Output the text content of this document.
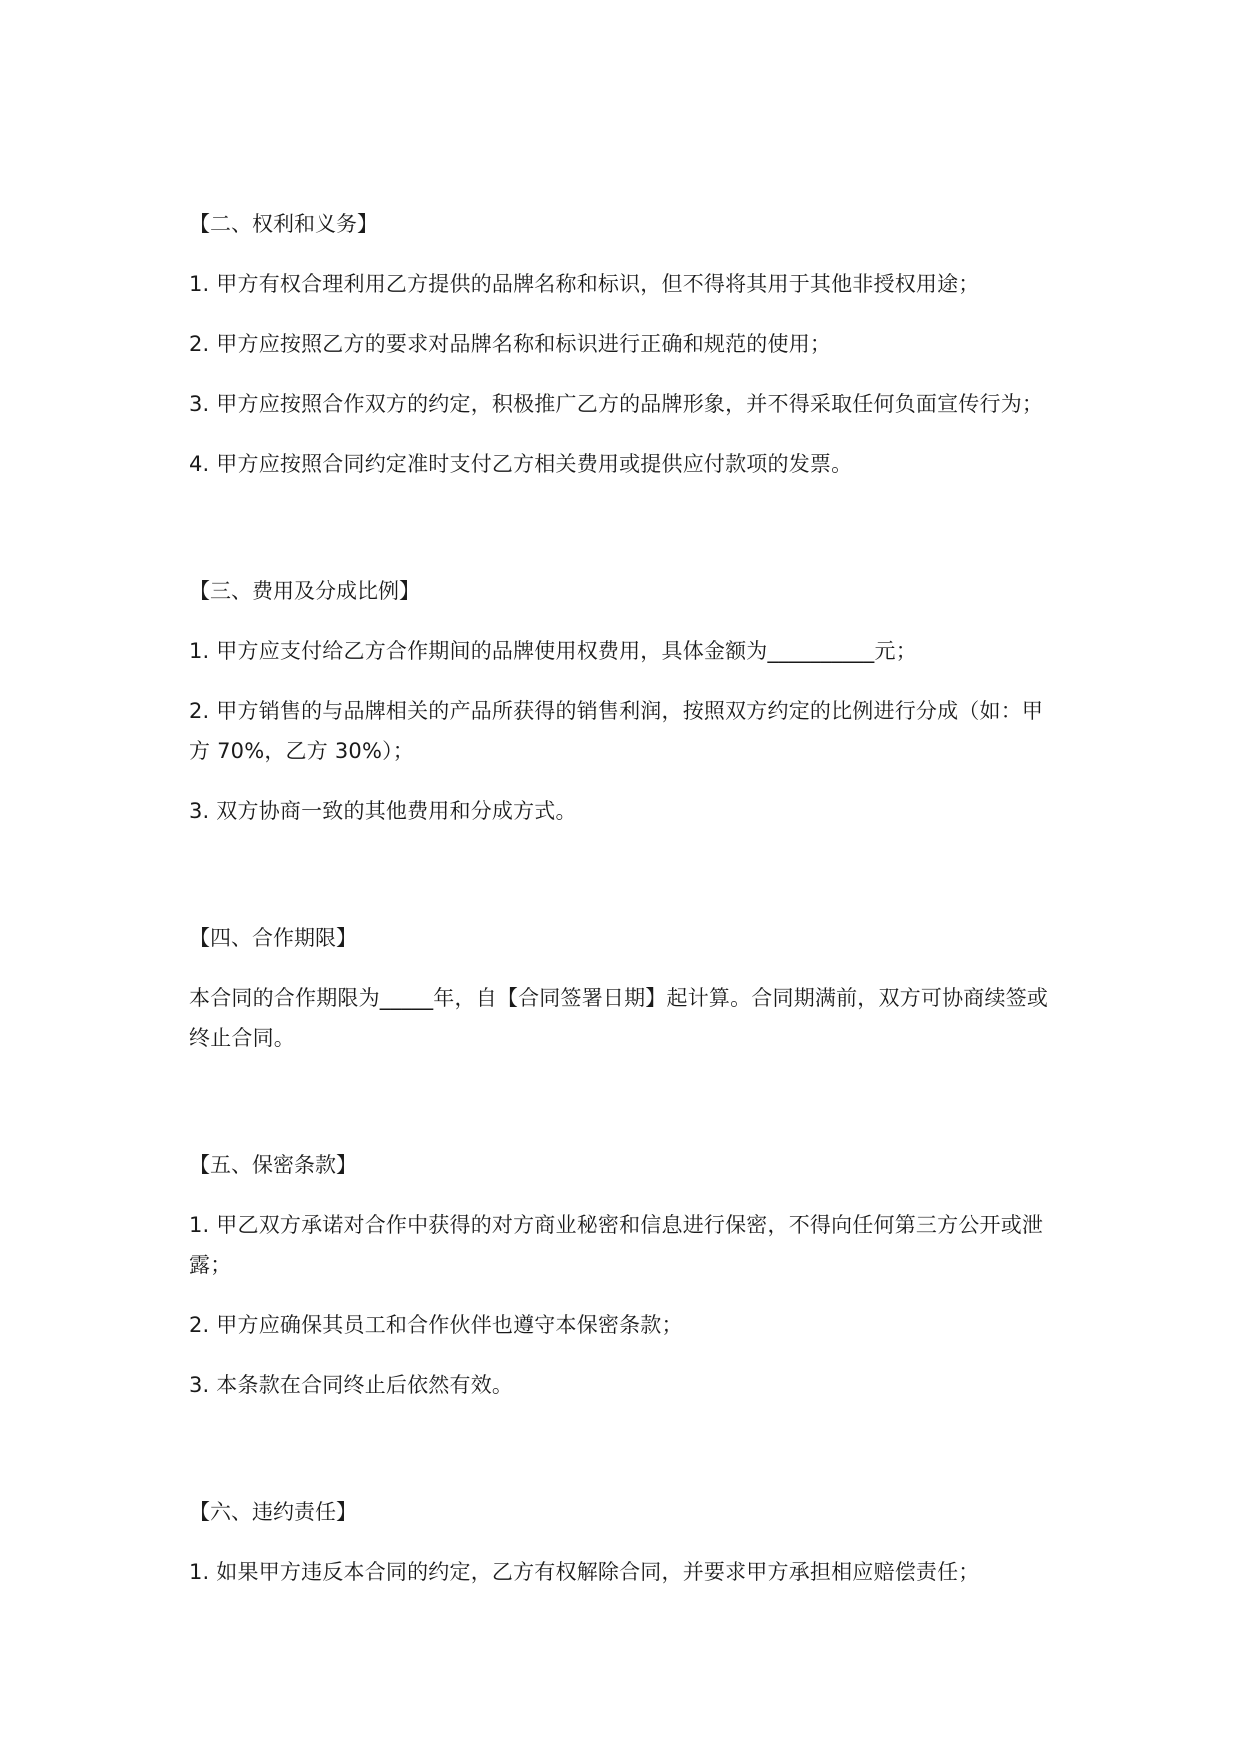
【二、权利和义务】
1. 甲方有权合理利用乙方提供的品牌名称和标识，但不得将其用于其他非授权用途；
2. 甲方应按照乙方的要求对品牌名称和标识进行正确和规范的使用；
3. 甲方应按照合作双方的约定，积极推广乙方的品牌形象，并不得采取任何负面宣传行为；
4. 甲方应按照合同约定准时支付乙方相关费用或提供应付款项的发票。
【三、费用及分成比例】
1. 甲方应支付给乙方合作期间的品牌使用权费用，具体金额为__________元；
2. 甲方销售的与品牌相关的产品所获得的销售利润，按照双方约定的比例进行分成（如：甲方 70%，乙方 30%）；
3. 双方协商一致的其他费用和分成方式。
【四、合作期限】
本合同的合作期限为_____年，自【合同签署日期】起计算。合同期满前，双方可协商续签或终止合同。
【五、保密条款】
1. 甲乙双方承诺对合作中获得的对方商业秘密和信息进行保密，不得向任何第三方公开或泄露；
2. 甲方应确保其员工和合作伙伴也遵守本保密条款；
3. 本条款在合同终止后依然有效。
【六、违约责任】
1. 如果甲方违反本合同的约定，乙方有权解除合同，并要求甲方承担相应赔偿责任；
